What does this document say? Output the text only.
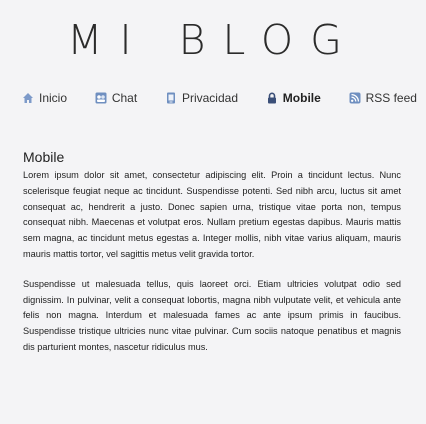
MI BLOG
Inicio	Chat	Privacidad	Mobile	RSS feed
Mobile

Lorem ipsum dolor sit amet, consectetur adipiscing elit. Proin a tincidunt lectus. Nunc scelerisque feugiat neque ac tincidunt. Suspendisse potenti. Sed nibh arcu, luctus sit amet consequat ac, hendrerit a justo. Donec sapien urna, tristique vitae porta non, tempus consequat nibh. Maecenas et volutpat eros. Nullam pretium egestas dapibus. Mauris mattis sem magna, ac tincidunt metus egestas a. Integer mollis, nibh vitae varius aliquam, mauris mauris mattis tortor, vel sagittis metus velit gravida tortor.

Suspendisse ut malesuada tellus, quis laoreet orci. Etiam ultricies volutpat odio sed dignissim. In pulvinar, velit a consequat lobortis, magna nibh vulputate velit, et vehicula ante felis non magna. Interdum et malesuada fames ac ante ipsum primis in faucibus. Suspendisse tristique ultricies nunc vitae pulvinar. Cum sociis natoque penatibus et magnis dis parturient montes, nascetur ridiculus mus.
